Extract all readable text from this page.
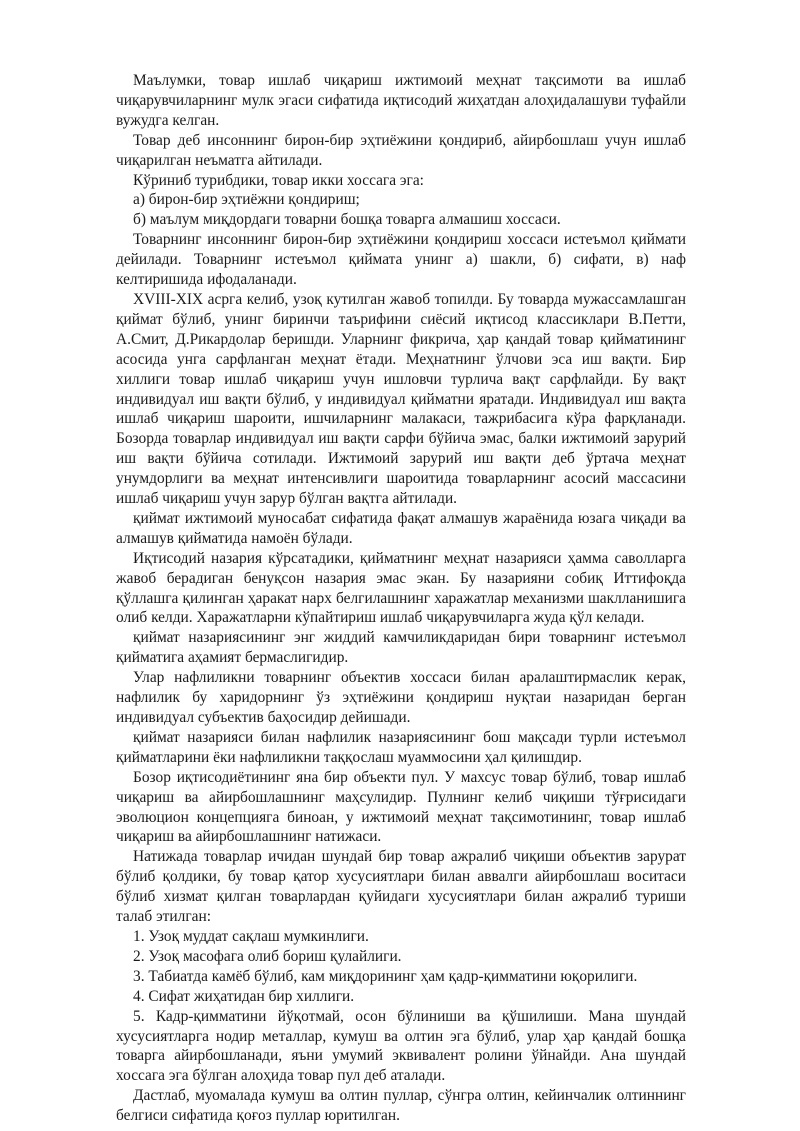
Маълумки, товар ишлаб чиқариш ижтимоий меҳнат тақсимоти ва ишлаб чиқарувчиларнинг мулк эгаси сифатида иқтисодий жиҳатдан алоҳидалашуви туфайли вужудга келган.

Товар деб инсоннинг бирон-бир эҳтиёжини қондириб, айирбошлаш учун ишлаб чиқарилган неъматга айтилади.

Кўриниб турибдики, товар икки хоссага эга:

а) бирон-бир эҳтиёжни қондириш;

б) маълум миқдордаги товарни бошқа товарга алмашиш хоссаси.

Товарнинг инсоннинг бирон-бир эҳтиёжини қондириш хоссаси истеъмол қиймати дейилади. Товарнинг истеъмол қиймата унинг а) шакли, б) сифати, в) наф келтиришида ифодаланади.

XVIII-XIX асрга келиб, узоқ кутилган жавоб топилди. Бу товарда мужассамлашган қиймат бўлиб, унинг биринчи таърифини сиёсий иқтисод классиклари В.Петти, А.Смит, Д.Рикардолар беришди. Уларнинг фикрича, ҳар қандай товар қийматининг асосида унга сарфланган меҳнат ётади. Меҳнатнинг ўлчови эса иш вақти. Бир хиллиги товар ишлаб чиқариш учун ишловчи турлича вақт сарфлайди. Бу вақт индивидуал иш вақти бўлиб, у индивидуал қийматни яратади. Индивидуал иш вақта ишлаб чиқариш шароити, ишчиларнинг малакаси, тажрибасига кўра фарқланади. Бозорда товарлар индивидуал иш вақти сарфи бўйича эмас, балки ижтимоий зарурий иш вақти бўйича сотилади. Ижтимоий зарурий иш вақти деб ўртача меҳнат унумдорлиги ва меҳнат интенсивлиги шароитида товарларнинг асосий массасини ишлаб чиқариш учун зарур бўлган вақтга айтилади.

қиймат ижтимоий муносабат сифатида фақат алмашув жараёнида юзага чиқади ва алмашув қийматида намоён бўлади.

Иқтисодий назария кўрсатадики, қийматнинг меҳнат назарияси ҳамма саволларга жавоб берадиган бенуқсон назария эмас экан. Бу назарияни собиқ Иттифоқда қўллашга қилинган ҳаракат нарх белгилашнинг харажатлар механизми шаклланишига олиб келди. Харажатларни кўпайтириш ишлаб чиқарувчиларга жуда қўл келади.

қиймат назариясининг энг жиддий камчиликдаридан бири товарнинг истеъмол қийматига аҳамият бермаслигидир.

Улар нафлиликни товарнинг объектив хоссаси билан аралаштирмаслик керак, нафлилик бу харидорнинг ўз эҳтиёжини қондириш нуқтаи назаридан берган индивидуал субъектив баҳосидир дейишади.

қиймат назарияси билан нафлилик назариясининг бош мақсади турли истеъмол қийматларини ёки нафлиликни таққослаш муаммосини ҳал қилишдир.

Бозор иқтисодиётининг яна бир объекти пул. У махсус товар бўлиб, товар ишлаб чиқариш ва айирбошлашнинг маҳсулидир. Пулнинг келиб чиқиши тўғрисидаги эволюцион концепцияга биноан, у ижтимоий меҳнат тақсимотининг, товар ишлаб чиқариш ва айирбошлашнинг натижаси.

Натижада товарлар ичидан шундай бир товар ажралиб чиқиши объектив зарурат бўлиб қолдики, бу товар қатор хусусиятлари билан аввалги айирбошлаш воситаси бўлиб хизмат қилган товарлардан қуйидаги хусусиятлари билан ажралиб туриши талаб этилган:

1. Узоқ муддат сақлаш мумкинлиги.

2. Узоқ масофага олиб бориш қулайлиги.

3. Табиатда камёб бўлиб, кам миқдорининг ҳам қадр-қимматини юқорилиги.

4. Сифат жиҳатидан бир хиллиги.

5. Кадр-қимматини йўқотмай, осон бўлиниши ва қўшилиши. Мана шундай хусусиятларга нодир металлар, кумуш ва олтин эга бўлиб, улар ҳар қандай бошқа товарга айирбошланади, яъни умумий эквивалент ролини ўйнайди. Ана шундай хоссага эга бўлган алоҳида товар пул деб аталади.

Дастлаб, муомалада кумуш ва олтин пуллар, сўнгра олтин, кейинчалик олтиннинг белгиси сифатида қоғоз пуллар юритилган.
